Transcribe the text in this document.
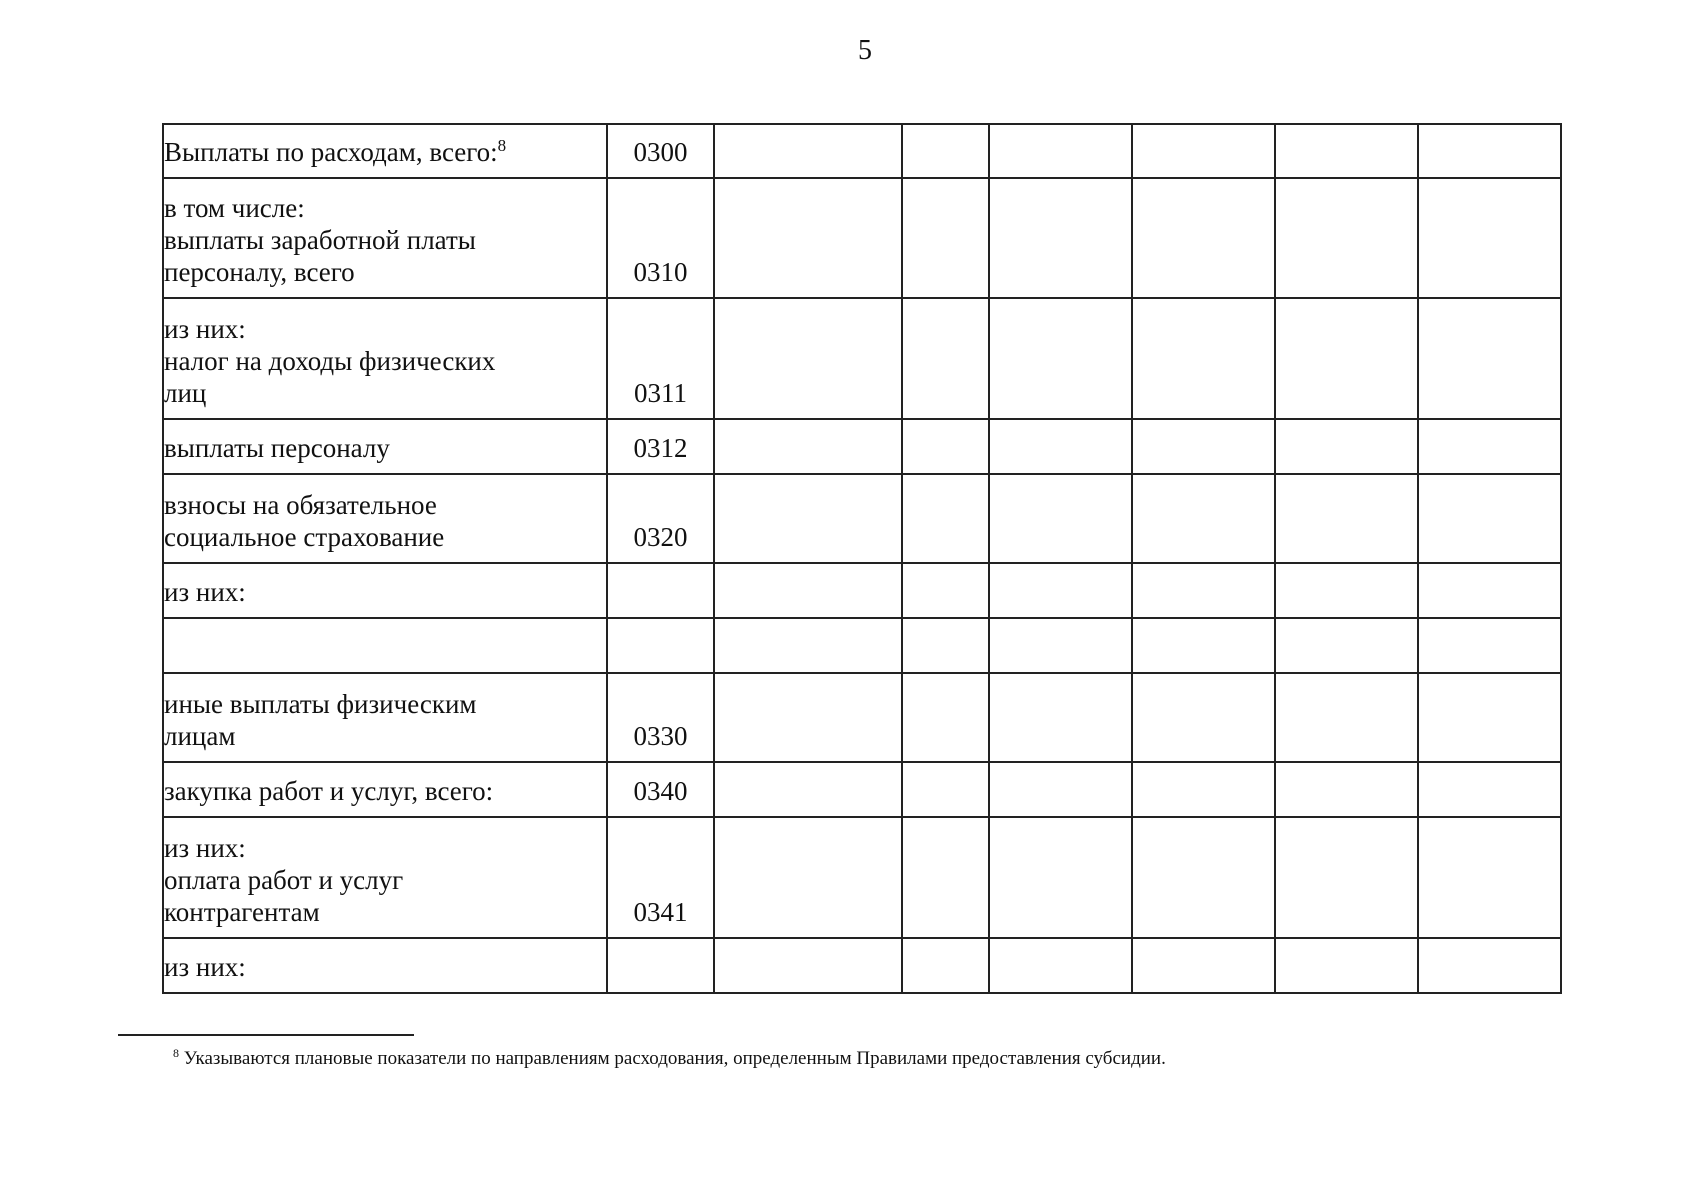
5
Выплаты по расходам, всего:$^8$	0300						

в том числе:
выплаты заработной платы
персоналу, всего	0310						

из них:
налог на доходы физических
лиц	0311						

выплаты персоналу	0312						

взносы на обязательное
социальное страхование	0320						

из них:							

иные выплаты физическим
лицам	0330						

закупка работ и услуг, всего:	0340						

из них:
оплата работ и услуг
контрагентам	0341						

из них:							

$^8$ Указываются плановые показатели по направлениям расходования, определенным Правилами предоставления субсидии.
